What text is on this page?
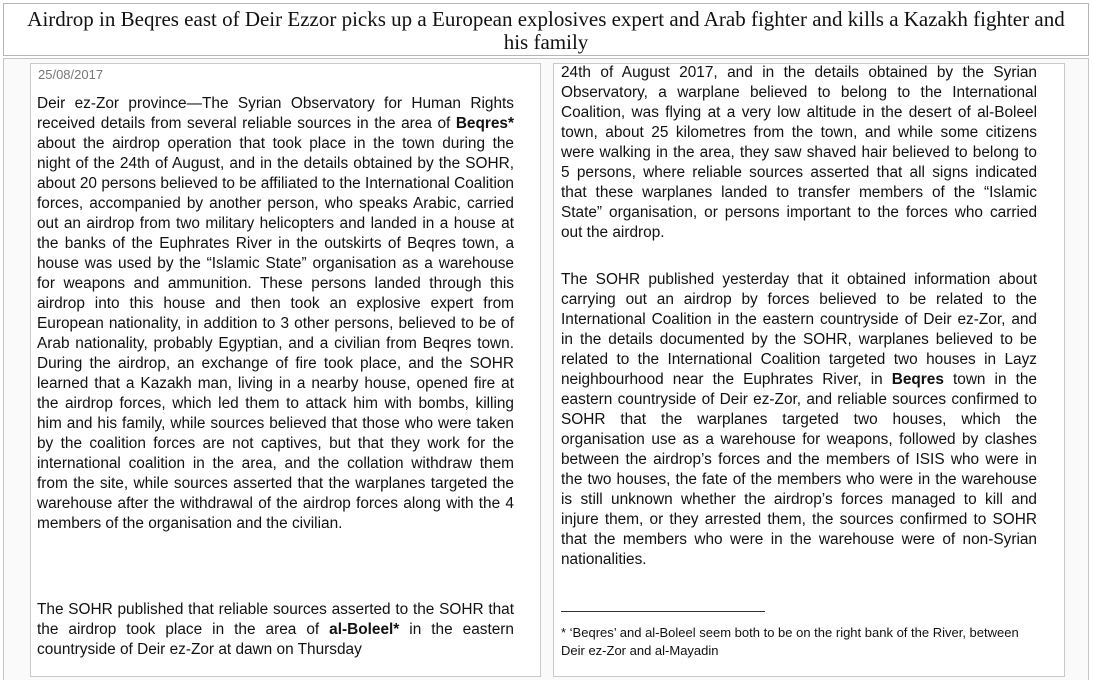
Airdrop in Beqres east of Deir Ezzor picks up a European explosives expert and Arab fighter and kills a Kazakh fighter and his family
25/08/2017

Deir ez-Zor province—The Syrian Observatory for Human Rights received details from several reliable sources in the area of Beqres* about the airdrop operation that took place in the town during the night of the 24th of August, and in the details obtained by the SOHR, about 20 persons believed to be affiliated to the International Coalition forces, accompanied by another person, who speaks Arabic, carried out an airdrop from two military helicopters and landed in a house at the banks of the Euphrates River in the outskirts of Beqres town, a house was used by the “Islamic State” organisation as a warehouse for weapons and ammunition. These persons landed through this airdrop into this house and then took an explosive expert from European nationality, in addition to 3 other persons, believed to be of Arab nationality, probably Egyptian, and a civilian from Beqres town. During the airdrop, an exchange of fire took place, and the SOHR learned that a Kazakh man, living in a nearby house, opened fire at the airdrop forces, which led them to attack him with bombs, killing him and his family, while sources believed that those who were taken by the coalition forces are not captives, but that they work for the international coalition in the area, and the collation withdraw them from the site, while sources asserted that the warplanes targeted the warehouse after the withdrawal of the airdrop forces along with the 4 members of the organisation and the civilian.

The SOHR published that reliable sources asserted to the SOHR that the airdrop took place in the area of al-Boleel* in the eastern countryside of Deir ez-Zor at dawn on Thursday

24th of August 2017, and in the details obtained by the Syrian Observatory, a warplane believed to belong to the International Coalition, was flying at a very low altitude in the desert of al-Boleel town, about 25 kilometres from the town, and while some citizens were walking in the area, they saw shaved hair believed to belong to 5 persons, where reliable sources asserted that all signs indicated that these warplanes landed to transfer members of the “Islamic State” organisation, or persons important to the forces who carried out the airdrop.

The SOHR published yesterday that it obtained information about carrying out an airdrop by forces believed to be related to the International Coalition in the eastern countryside of Deir ez-Zor, and in the details documented by the SOHR, warplanes believed to be related to the International Coalition targeted two houses in Layz neighbourhood near the Euphrates River, in Beqres town in the eastern countryside of Deir ez-Zor, and reliable sources confirmed to SOHR that the warplanes targeted two houses, which the organisation use as a warehouse for weapons, followed by clashes between the airdrop’s forces and the members of ISIS who were in the two houses, the fate of the members who were in the warehouse is still unknown whether the airdrop’s forces managed to kill and injure them, or they arrested them, the sources confirmed to SOHR that the members who were in the warehouse were of non-Syrian nationalities.

* ‘Beqres’ and al-Boleel seem both to be on the right bank of the River, between Deir ez-Zor and al-Mayadin
